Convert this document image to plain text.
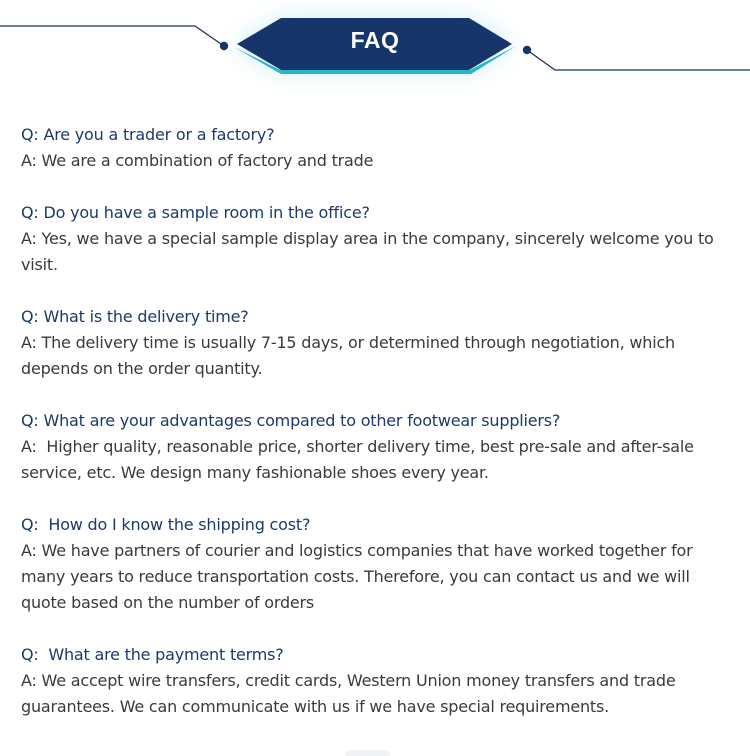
FAQ
Q: Are you a trader or a factory?
A: We are a combination of factory and trade
Q: Do you have a sample room in the office?
A: Yes, we have a special sample display area in the company, sincerely welcome you to visit.
Q: What is the delivery time?
A: The delivery time is usually 7-15 days, or determined through negotiation, which depends on the order quantity.
Q: What are your advantages compared to other footwear suppliers?
A:  Higher quality, reasonable price, shorter delivery time, best pre-sale and after-sale service, etc. We design many fashionable shoes every year.
Q:  How do I know the shipping cost?
A: We have partners of courier and logistics companies that have worked together for many years to reduce transportation costs. Therefore, you can contact us and we will quote based on the number of orders
Q:  What are the payment terms?
A: We accept wire transfers, credit cards, Western Union money transfers and trade guarantees. We can communicate with us if we have special requirements.
